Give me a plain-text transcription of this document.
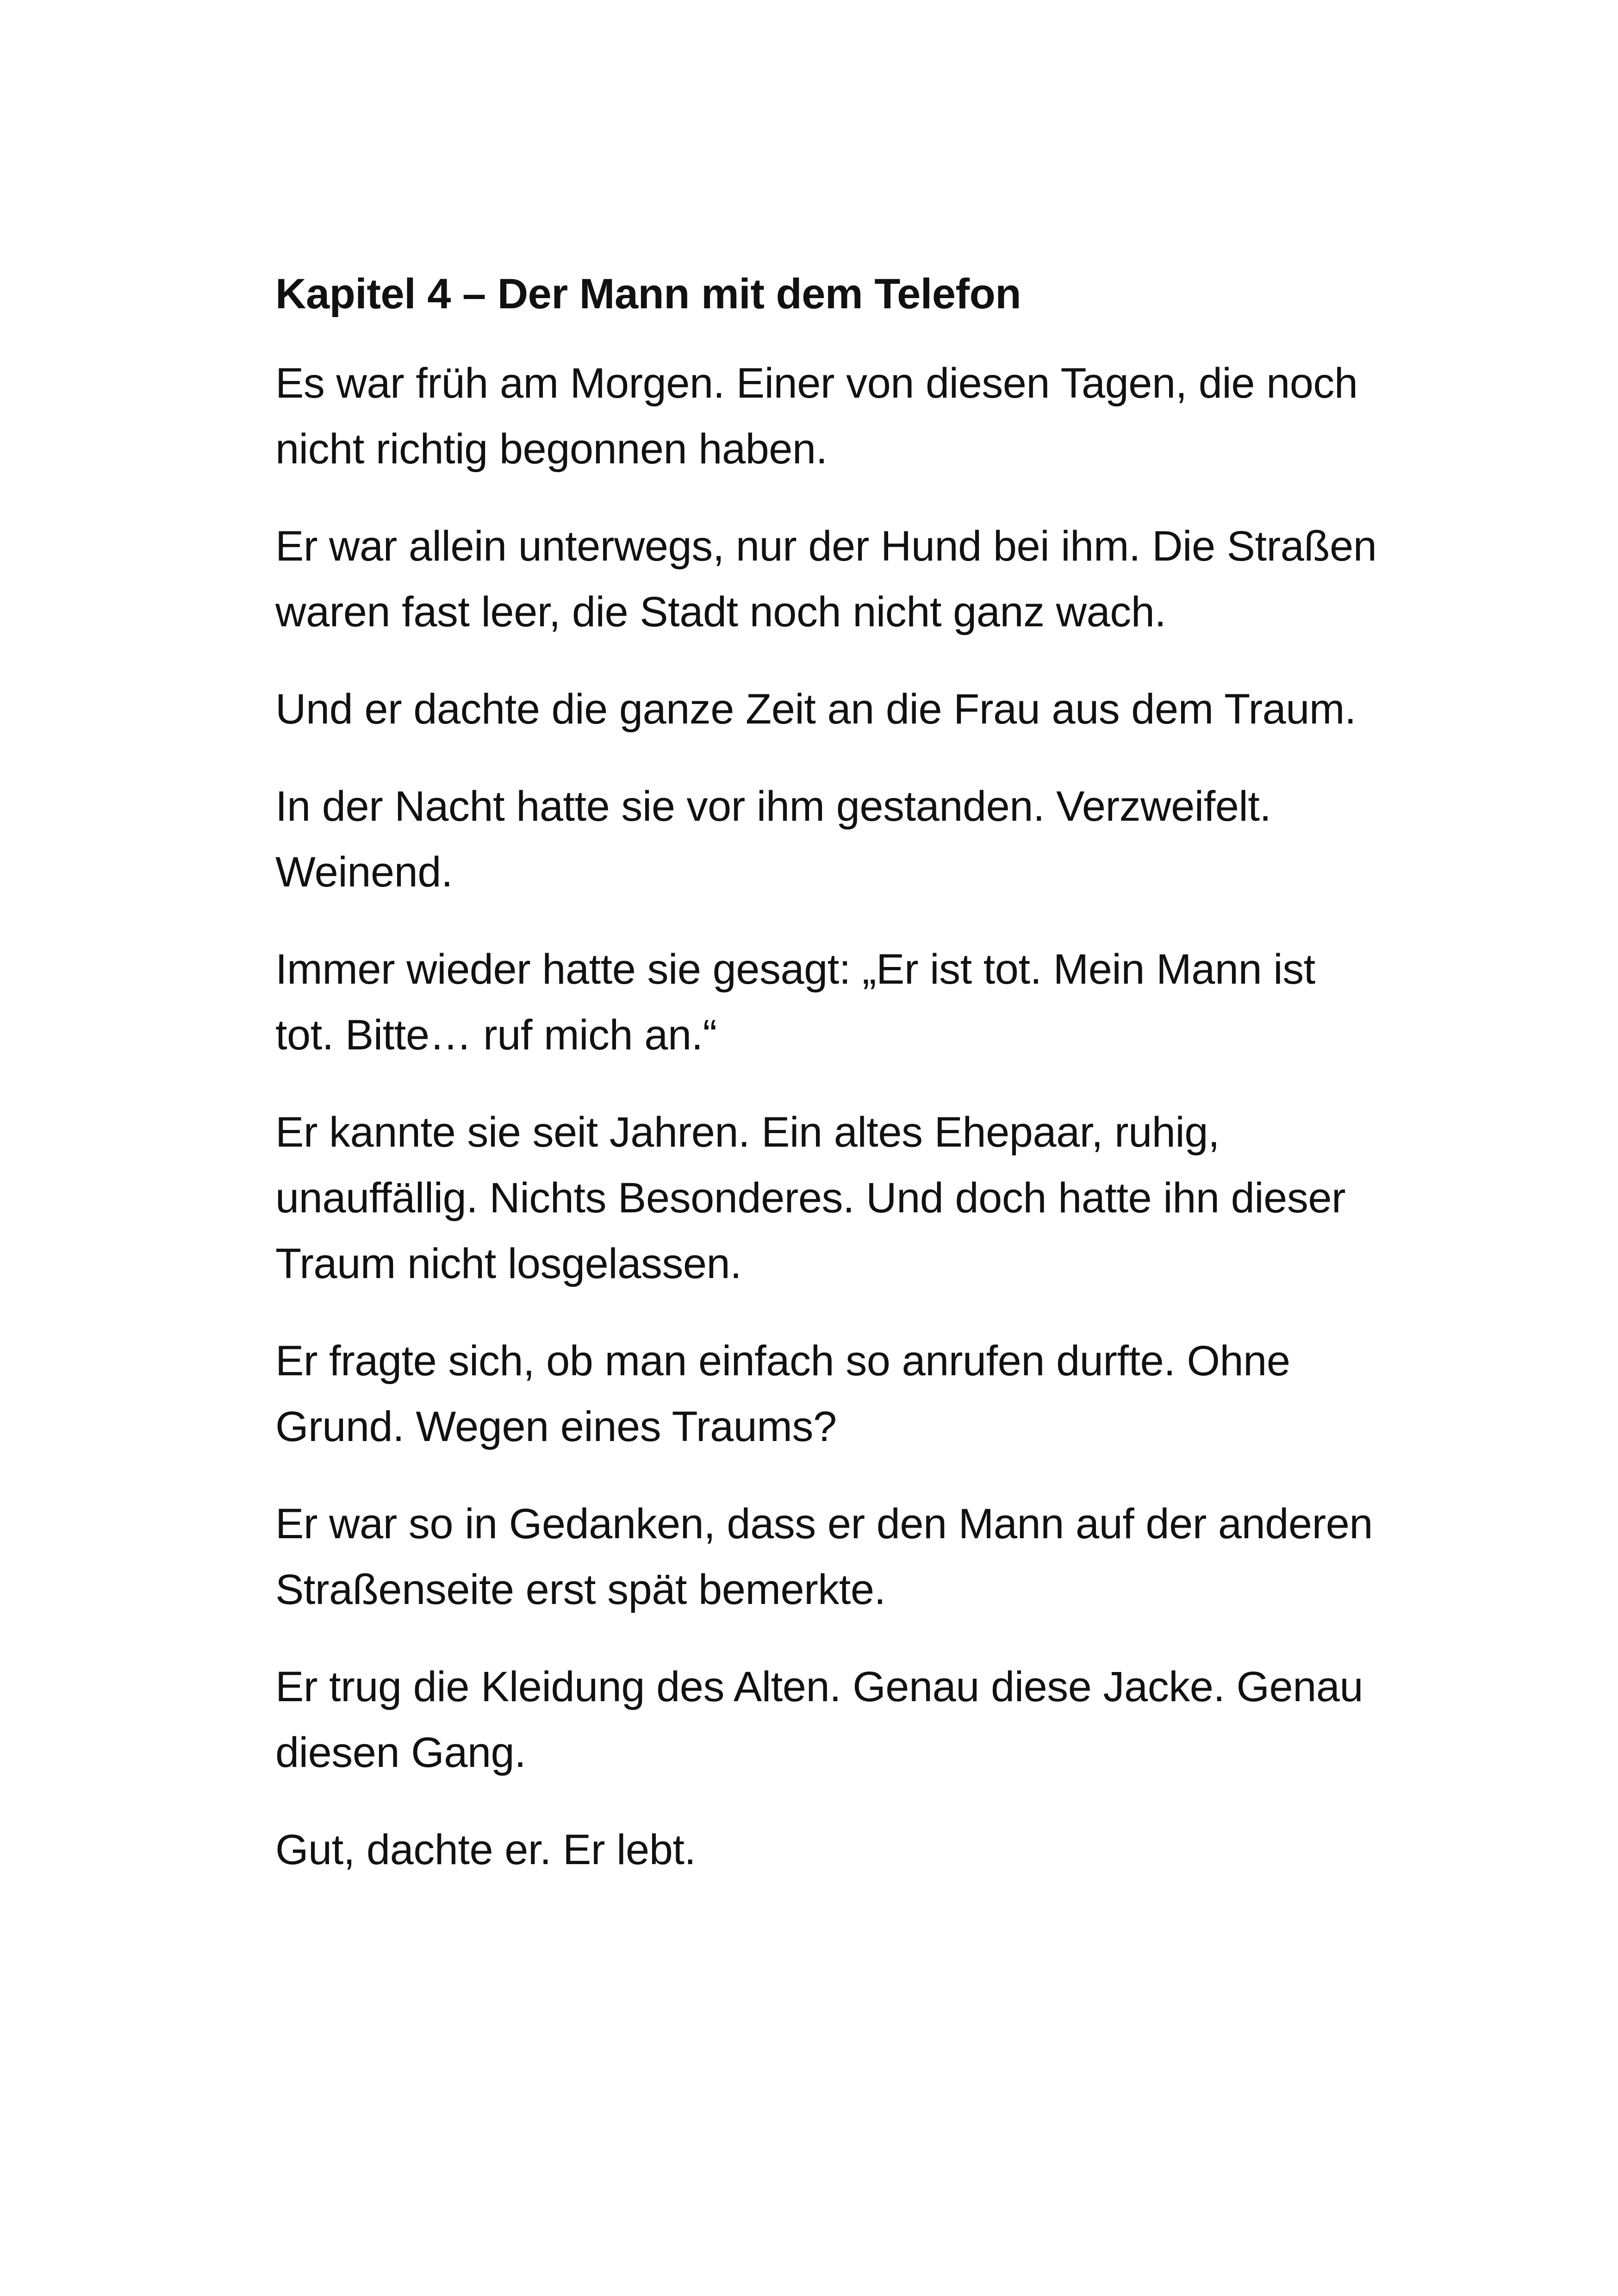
Kapitel 4 – Der Mann mit dem Telefon

Es war früh am Morgen. Einer von diesen Tagen, die noch nicht richtig begonnen haben.

Er war allein unterwegs, nur der Hund bei ihm. Die Straßen waren fast leer, die Stadt noch nicht ganz wach.

Und er dachte die ganze Zeit an die Frau aus dem Traum.

In der Nacht hatte sie vor ihm gestanden. Verzweifelt. Weinend.

Immer wieder hatte sie gesagt: „Er ist tot. Mein Mann ist tot. Bitte… ruf mich an.“

Er kannte sie seit Jahren. Ein altes Ehepaar, ruhig, unauffällig. Nichts Besonderes. Und doch hatte ihn dieser Traum nicht losgelassen.

Er fragte sich, ob man einfach so anrufen durfte. Ohne Grund. Wegen eines Traums?

Er war so in Gedanken, dass er den Mann auf der anderen Straßenseite erst spät bemerkte.

Er trug die Kleidung des Alten. Genau diese Jacke. Genau diesen Gang.

Gut, dachte er. Er lebt.
